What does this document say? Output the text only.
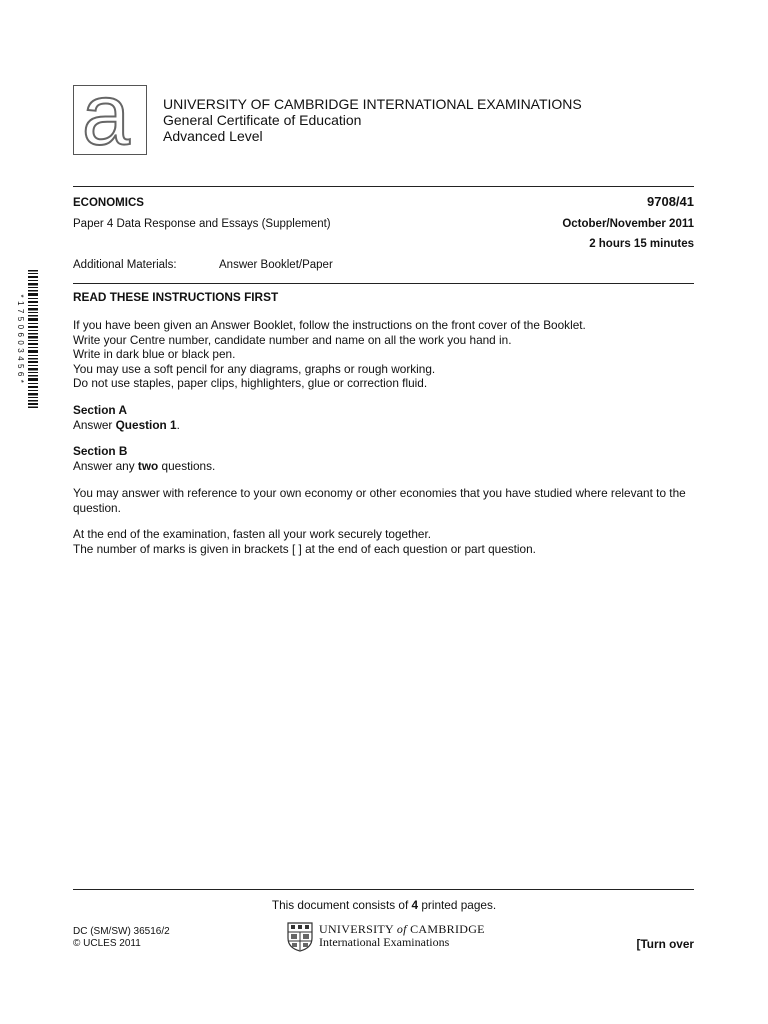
a UNIVERSITY OF CAMBRIDGE INTERNATIONAL EXAMINATIONS
General Certificate of Education
Advanced Level
ECONOMICS	9708/41
Paper 4 Data Response and Essays (Supplement)	October/November 2011
2 hours 15 minutes
Additional Materials:	Answer Booklet/Paper
* 1 7 5 0 6 0 3 4 5 6 *	READ THESE INSTRUCTIONS FIRST
If you have been given an Answer Booklet, follow the instructions on the front cover of the Booklet.
Write your Centre number, candidate number and name on all the work you hand in.
Write in dark blue or black pen.
You may use a soft pencil for any diagrams, graphs or rough working.
Do not use staples, paper clips, highlighters, glue or correction fluid.
Section A
Answer Question 1.
Section B
Answer any two questions.
You may answer with reference to your own economy or other economies that you have studied where relevant to the question.
At the end of the examination, fasten all your work securely together.
The number of marks is given in brackets [ ] at the end of each question or part question.
This document consists of 4 printed pages.
DC (SM/SW) 36516/2
© UCLES 2011
UNIVERSITY of CAMBRIDGE
International Examinations	[Turn over
